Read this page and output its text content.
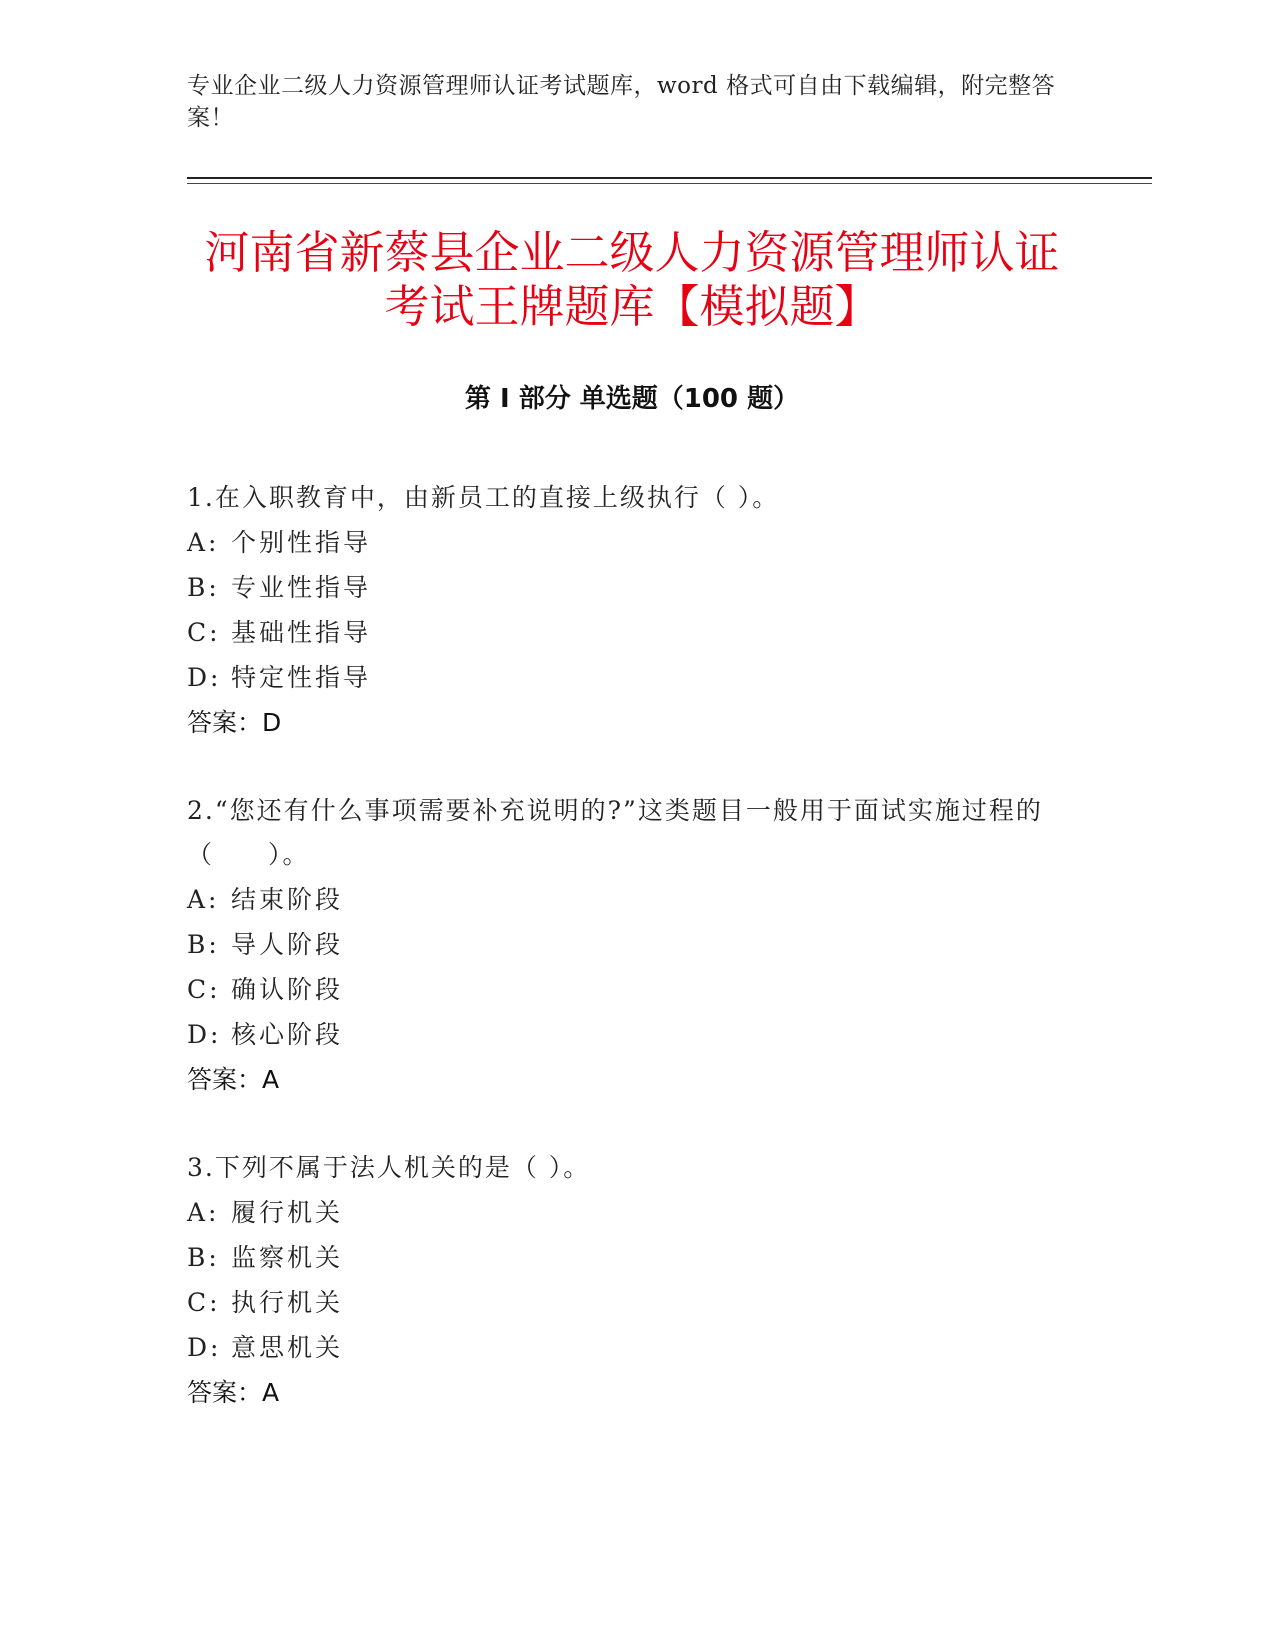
专业企业二级人力资源管理师认证考试题库，word 格式可自由下载编辑，附完整答案！
河南省新蔡县企业二级人力资源管理师认证考试王牌题库【模拟题】
第 I 部分 单选题（100 题）

1.在入职教育中，由新员工的直接上级执行（ ）。

A: 个别性指导

B: 专业性指导

C: 基础性指导

D: 特定性指导

答案：D

2.“您还有什么事项需要补充说明的?”这类题目一般用于面试实施过程的（　　）。

A: 结束阶段

B: 导人阶段

C: 确认阶段

D: 核心阶段

答案：A

3.下列不属于法人机关的是（ ）。

A: 履行机关

B: 监察机关

C: 执行机关

D: 意思机关

答案：A
